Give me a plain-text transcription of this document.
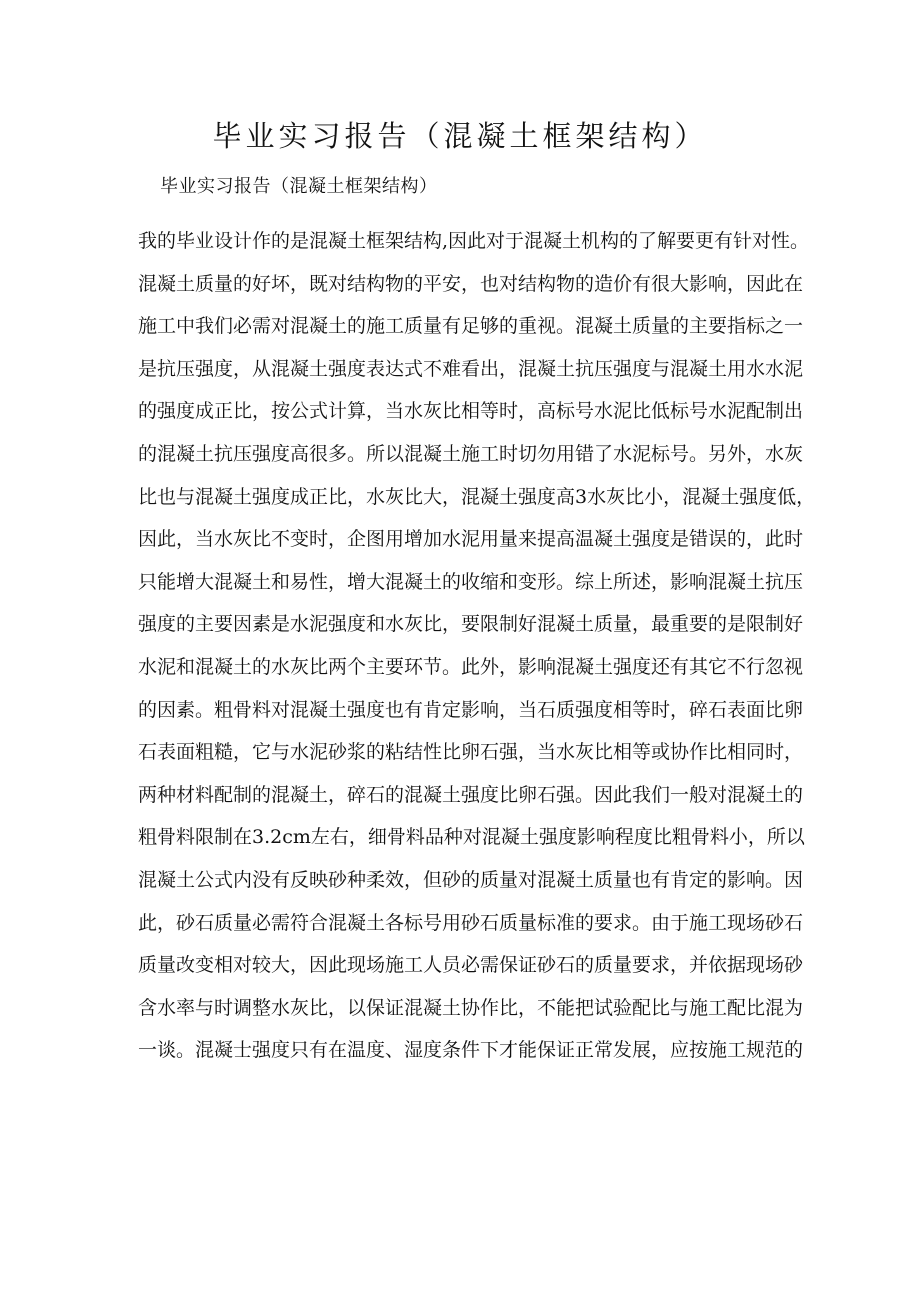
毕业实习报告（混凝土框架结构）

毕业实习报告（混凝土框架结构）

我的毕业设计作的是混凝土框架结构,因此对于混凝土机构的了解要更有针对性。
混凝土质量的好坏，既对结构物的平安，也对结构物的造价有很大影响，因此在
施工中我们必需对混凝土的施工质量有足够的重视。混凝土质量的主要指标之一
是抗压强度，从混凝土强度表达式不难看出，混凝土抗压强度与混凝土用水水泥
的强度成正比，按公式计算，当水灰比相等时，高标号水泥比低标号水泥配制出
的混凝土抗压强度高很多。所以混凝土施工时切勿用错了水泥标号。另外，水灰
比也与混凝土强度成正比，水灰比大，混凝土强度高3水灰比小，混凝土强度低，
因此，当水灰比不变时，企图用增加水泥用量来提高温凝土强度是错误的，此时
只能增大混凝土和易性，增大混凝土的收缩和变形。综上所述，影响混凝土抗压
强度的主要因素是水泥强度和水灰比，要限制好混凝土质量，最重要的是限制好
水泥和混凝土的水灰比两个主要环节。此外，影响混凝土强度还有其它不行忽视
的因素。粗骨料对混凝土强度也有肯定影响，当石质强度相等时，碎石表面比卵
石表面粗糙，它与水泥砂浆的粘结性比卵石强，当水灰比相等或协作比相同时，
两种材料配制的混凝土，碎石的混凝土强度比卵石强。因此我们一般对混凝土的
粗骨料限制在3.2cm左右，细骨料品种对混凝土强度影响程度比粗骨料小，所以
混凝土公式内没有反映砂种柔效，但砂的质量对混凝土质量也有肯定的影响。因
此，砂石质量必需符合混凝土各标号用砂石质量标准的要求。由于施工现场砂石
质量改变相对较大，因此现场施工人员必需保证砂石的质量要求，并依据现场砂
含水率与时调整水灰比，以保证混凝土协作比，不能把试验配比与施工配比混为
一谈。混凝士强度只有在温度、湿度条件下才能保证正常发展，应按施工规范的
